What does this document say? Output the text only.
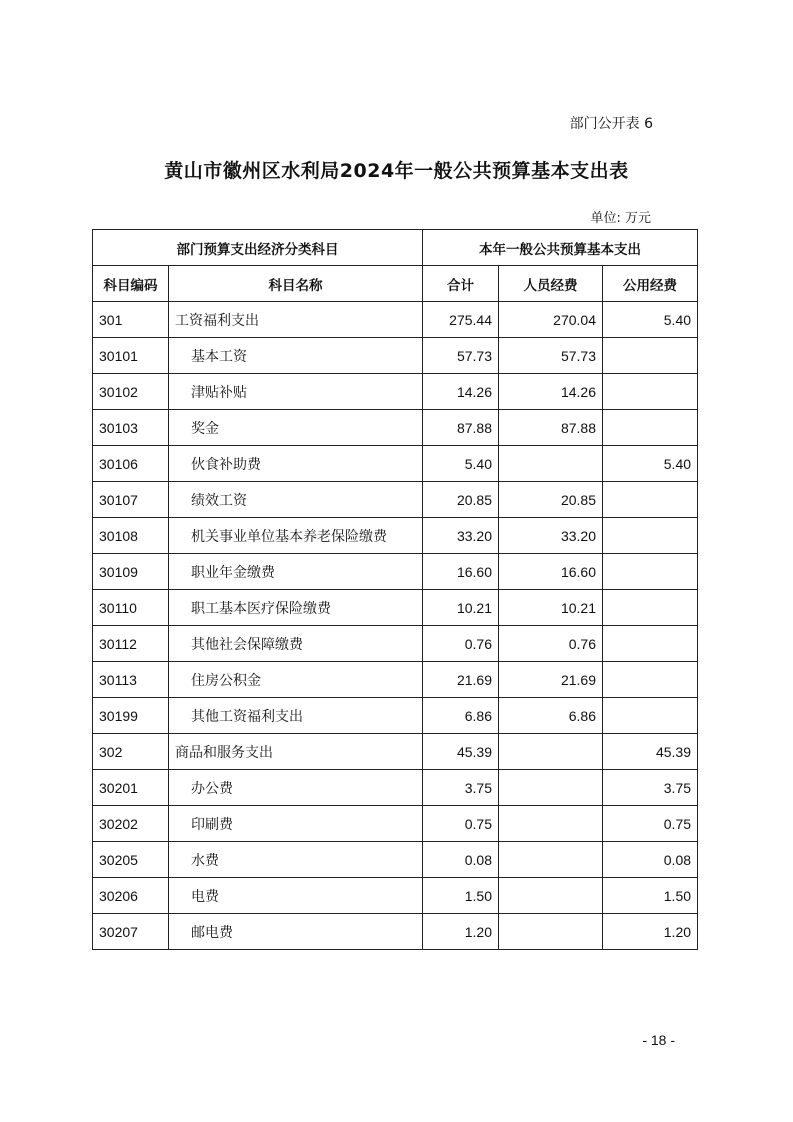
部门公开表 6
黄山市徽州区水利局2024年一般公共预算基本支出表
单位: 万元
部门预算支出经济分类科目		本年一般公共预算基本支出		
科目编码	科目名称	合计	人员经费	公用经费
301	工资福利支出	275.44	270.04	5.40
30101	基本工资	57.73	57.73	
30102	津贴补贴	14.26	14.26	
30103	奖金	87.88	87.88	
30106	伙食补助费	5.40		5.40
30107	绩效工资	20.85	20.85	
30108	机关事业单位基本养老保险缴费	33.20	33.20	
30109	职业年金缴费	16.60	16.60	
30110	职工基本医疗保险缴费	10.21	10.21	
30112	其他社会保障缴费	0.76	0.76	
30113	住房公积金	21.69	21.69	
30199	其他工资福利支出	6.86	6.86	
302	商品和服务支出	45.39		45.39
30201	办公费	3.75		3.75
30202	印刷费	0.75		0.75
30205	水费	0.08		0.08
30206	电费	1.50		1.50
30207	邮电费	1.20		1.20
- 18 -
